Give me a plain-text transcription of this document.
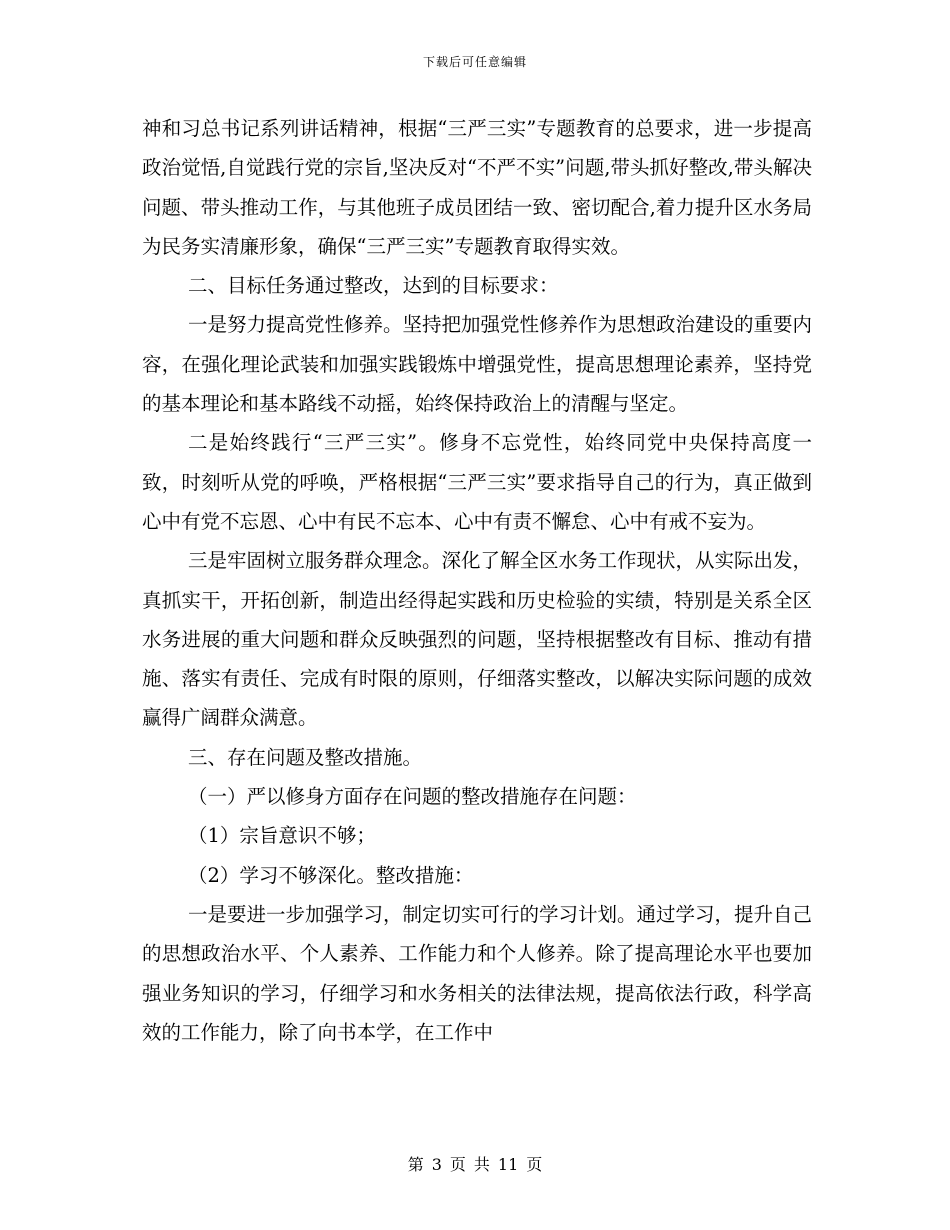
下载后可任意编辑

神和习总书记系列讲话精神，根据“三严三实”专题教育的总要求，进一步提高政治觉悟,自觉践行党的宗旨,坚决反对“不严不实”问题,带头抓好整改,带头解决问题、带头推动工作，与其他班子成员团结一致、密切配合,着力提升区水务局为民务实清廉形象，确保“三严三实”专题教育取得实效。

二、目标任务通过整改，达到的目标要求：

一是努力提高党性修养。坚持把加强党性修养作为思想政治建设的重要内容，在强化理论武装和加强实践锻炼中增强党性，提高思想理论素养，坚持党的基本理论和基本路线不动摇，始终保持政治上的清醒与坚定。

二是始终践行“三严三实”。修身不忘党性，始终同党中央保持高度一致，时刻听从党的呼唤，严格根据“三严三实”要求指导自己的行为，真正做到心中有党不忘恩、心中有民不忘本、心中有责不懈怠、心中有戒不妄为。

三是牢固树立服务群众理念。深化了解全区水务工作现状，从实际出发，真抓实干，开拓创新，制造出经得起实践和历史检验的实绩，特别是关系全区水务进展的重大问题和群众反映强烈的问题，坚持根据整改有目标、推动有措施、落实有责任、完成有时限的原则，仔细落实整改，以解决实际问题的成效赢得广阔群众满意。

三、存在问题及整改措施。

（一）严以修身方面存在问题的整改措施存在问题：

（1）宗旨意识不够；

（2）学习不够深化。整改措施：

一是要进一步加强学习，制定切实可行的学习计划。通过学习，提升自己的思想政治水平、个人素养、工作能力和个人修养。除了提高理论水平也要加强业务知识的学习，仔细学习和水务相关的法律法规，提高依法行政，科学高效的工作能力，除了向书本学，在工作中

第 3 页 共 11 页
